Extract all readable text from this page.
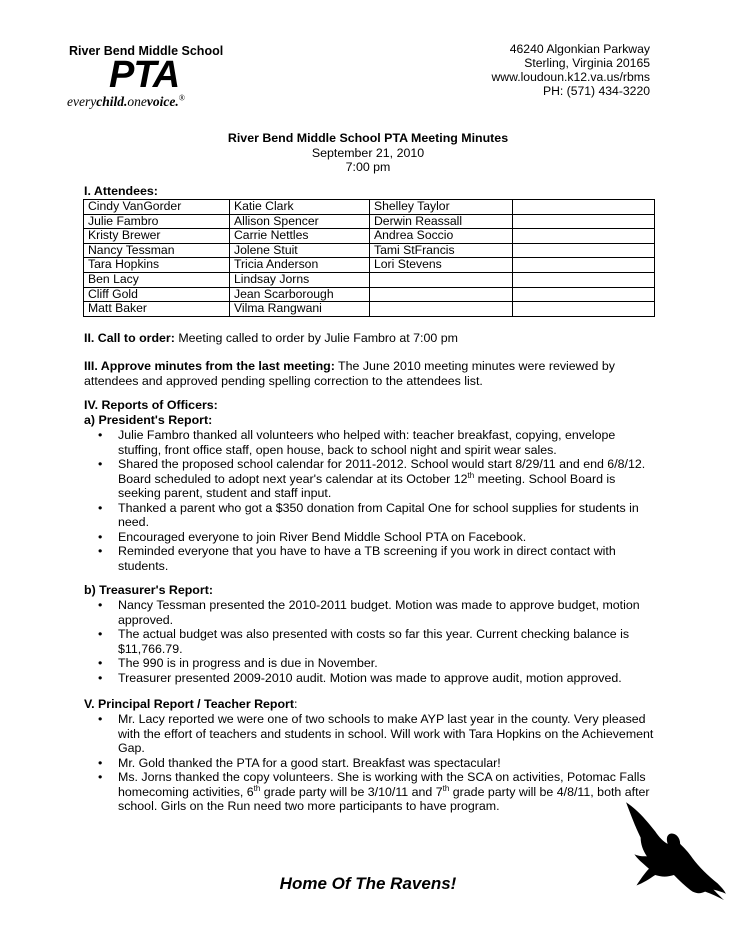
River Bend Middle School
PTA
everychild.onevoice.®
46240 Algonkian Parkway
Sterling, Virginia 20165
www.loudoun.k12.va.us/rbms
PH: (571) 434-3220
River Bend Middle School PTA Meeting Minutes
September 21, 2010
7:00 pm
I. Attendees:
Cindy VanGorder	Katie Clark	Shelley Taylor	
Julie Fambro	Allison Spencer	Derwin Reassall	
Kristy Brewer	Carrie Nettles	Andrea Soccio	
Nancy Tessman	Jolene Stuit	Tami StFrancis	
Tara Hopkins	Tricia Anderson	Lori Stevens	
Ben Lacy	Lindsay Jorns		
Cliff Gold	Jean Scarborough		
Matt Baker	Vilma Rangwani		
II. Call to order: Meeting called to order by Julie Fambro at 7:00 pm
III. Approve minutes from the last meeting: The June 2010 meeting minutes were reviewed by attendees and approved pending spelling correction to the attendees list.
IV. Reports of Officers:
a) President's Report:
• Julie Fambro thanked all volunteers who helped with: teacher breakfast, copying, envelope stuffing, front office staff, open house, back to school night and spirit wear sales.
• Shared the proposed school calendar for 2011-2012. School would start 8/29/11 and end 6/8/12. Board scheduled to adopt next year's calendar at its October 12th meeting. School Board is seeking parent, student and staff input.
• Thanked a parent who got a $350 donation from Capital One for school supplies for students in need.
• Encouraged everyone to join River Bend Middle School PTA on Facebook.
• Reminded everyone that you have to have a TB screening if you work in direct contact with students.
b) Treasurer's Report:
• Nancy Tessman presented the 2010-2011 budget. Motion was made to approve budget, motion approved.
• The actual budget was also presented with costs so far this year. Current checking balance is $11,766.79.
• The 990 is in progress and is due in November.
• Treasurer presented 2009-2010 audit. Motion was made to approve audit, motion approved.
V. Principal Report / Teacher Report:
• Mr. Lacy reported we were one of two schools to make AYP last year in the county. Very pleased with the effort of teachers and students in school. Will work with Tara Hopkins on the Achievement Gap.
• Mr. Gold thanked the PTA for a good start. Breakfast was spectacular!
• Ms. Jorns thanked the copy volunteers. She is working with the SCA on activities, Potomac Falls homecoming activities, 6th grade party will be 3/10/11 and 7th grade party will be 4/8/11, both after school. Girls on the Run need two more participants to have program.
Home Of The Ravens!
